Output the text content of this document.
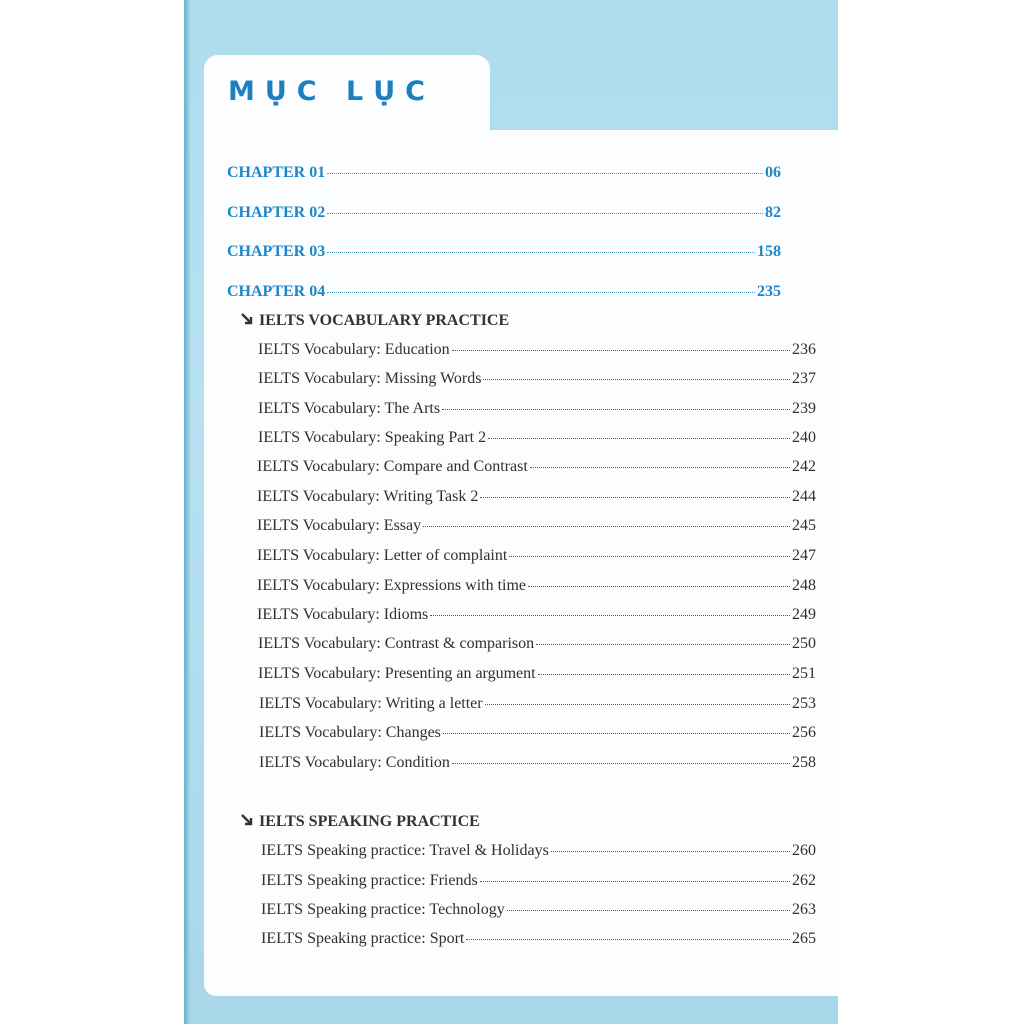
MỤC LỤC
CHAPTER 01	06
CHAPTER 02	82
CHAPTER 03	158
CHAPTER 04	235
IELTS VOCABULARY PRACTICE
IELTS Vocabulary: Education	236
IELTS Vocabulary: Missing Words	237
IELTS Vocabulary: The Arts	239
IELTS Vocabulary: Speaking Part 2	240
IELTS Vocabulary: Compare and Contrast	242
IELTS Vocabulary: Writing Task 2	244
IELTS Vocabulary: Essay	245
IELTS Vocabulary: Letter of complaint	247
IELTS Vocabulary: Expressions with time	248
IELTS Vocabulary: Idioms	249
IELTS Vocabulary: Contrast & comparison	250
IELTS Vocabulary: Presenting an argument	251
IELTS Vocabulary: Writing a letter	253
IELTS Vocabulary: Changes	256
IELTS Vocabulary: Condition	258
IELTS SPEAKING PRACTICE
IELTS Speaking practice: Travel & Holidays	260
IELTS Speaking practice: Friends	262
IELTS Speaking practice: Technology	263
IELTS Speaking practice: Sport	265
